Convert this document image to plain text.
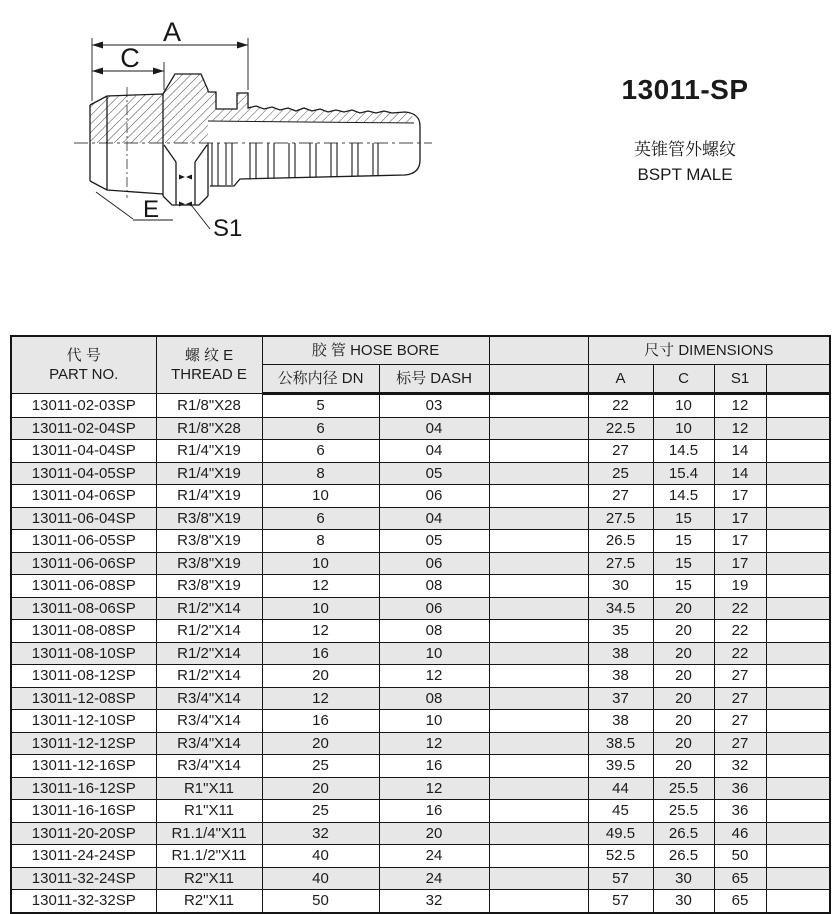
A
C
E
S1

13011-SP

英锥管外螺纹

BSPT MALE

代 号
PART NO.

螺 纹 E
THREAD E
	胶 管 HOSE BORE		尺寸 DIMENSIONS
		公称内径 DN	标号 DASH		A	C	S1	
13011-02-03SP	R1/8"X28	5	03		22	10	12	
13011-02-04SP	R1/8"X28	6	04		22.5	10	12	
13011-04-04SP	R1/4"X19	6	04		27	14.5	14	
13011-04-05SP	R1/4"X19	8	05		25	15.4	14	
13011-04-06SP	R1/4"X19	10	06		27	14.5	17	
13011-06-04SP	R3/8"X19	6	04		27.5	15	17	
13011-06-05SP	R3/8"X19	8	05		26.5	15	17	
13011-06-06SP	R3/8"X19	10	06		27.5	15	17	
13011-06-08SP	R3/8"X19	12	08		30	15	19	
13011-08-06SP	R1/2"X14	10	06		34.5	20	22	
13011-08-08SP	R1/2"X14	12	08		35	20	22	
13011-08-10SP	R1/2"X14	16	10		38	20	22	
13011-08-12SP	R1/2"X14	20	12		38	20	27	
13011-12-08SP	R3/4"X14	12	08		37	20	27	
13011-12-10SP	R3/4"X14	16	10		38	20	27	
13011-12-12SP	R3/4"X14	20	12		38.5	20	27	
13011-12-16SP	R3/4"X14	25	16		39.5	20	32	
13011-16-12SP	R1"X11	20	12		44	25.5	36	
13011-16-16SP	R1"X11	25	16		45	25.5	36	
13011-20-20SP	R1.1/4"X11	32	20		49.5	26.5	46	
13011-24-24SP	R1.1/2"X11	40	24		52.5	26.5	50	
13011-32-24SP	R2"X11	40	24		57	30	65	
13011-32-32SP	R2"X11	50	32		57	30	65	
